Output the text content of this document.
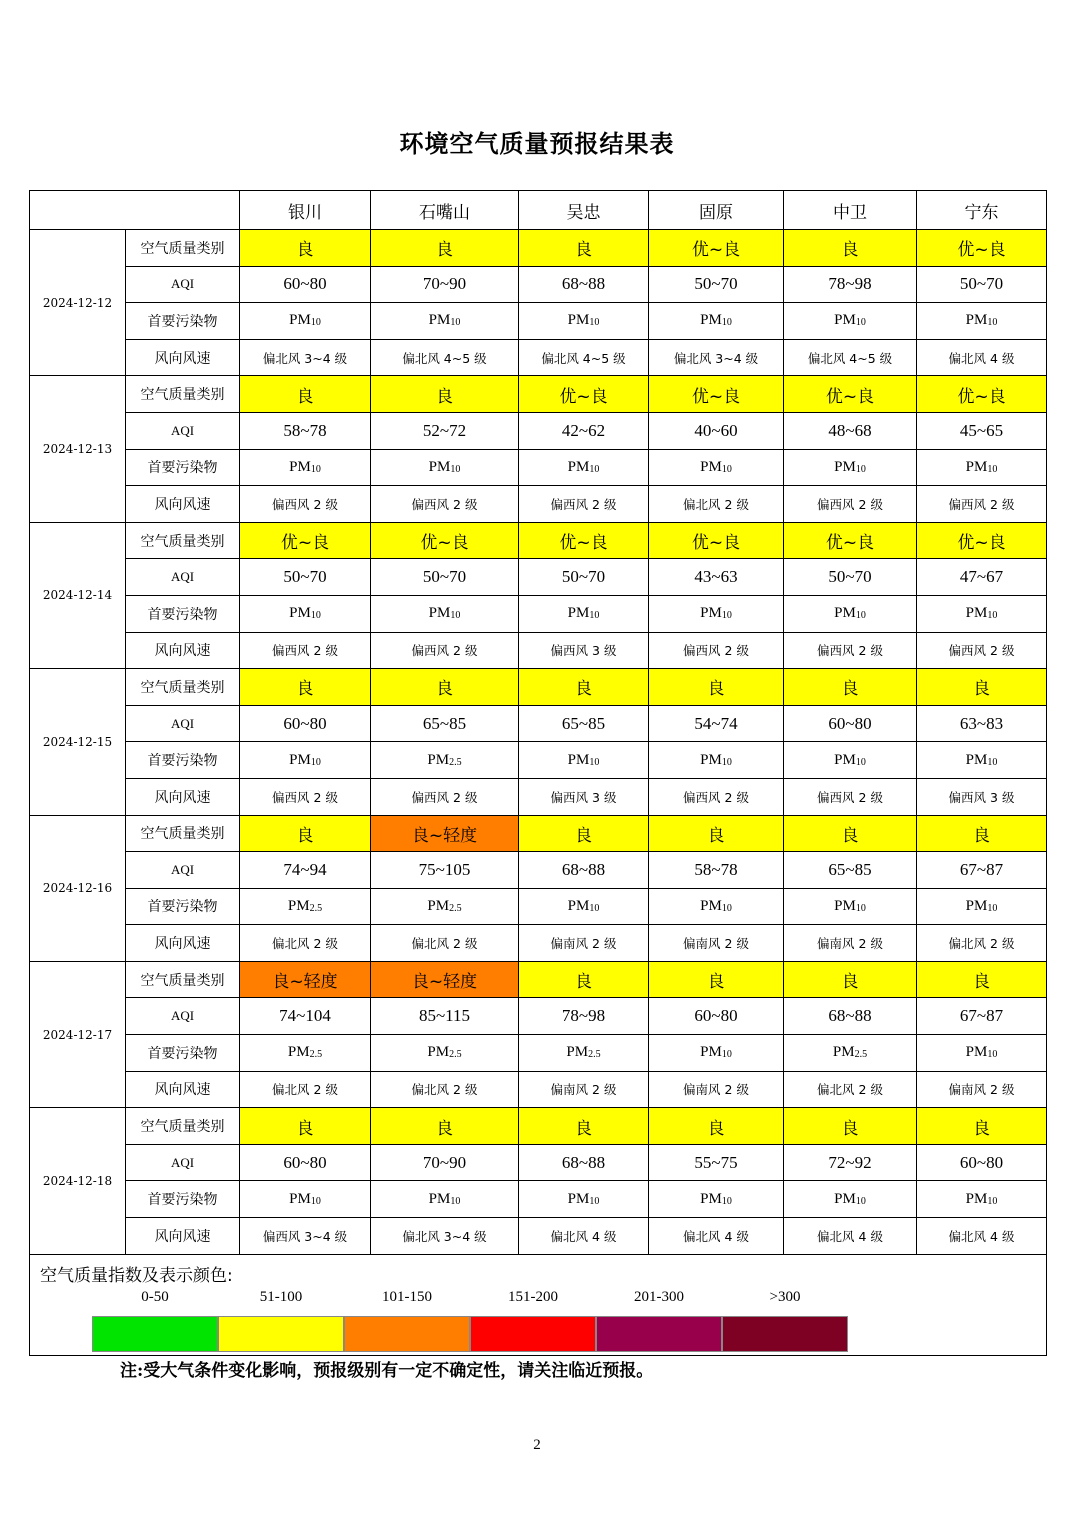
环境空气质量预报结果表
		银川	石嘴山	吴忠	固原	中卫	宁东
2024-12-12	空气质量类别	良	良	良	优~良	良	优~良
	AQI	60~80	70~90	68~88	50~70	78~98	50~70
	首要污染物	$PM_{10}$	$PM_{10}$	$PM_{10}$	$PM_{10}$	$PM_{10}$	$PM_{10}$
	风向风速	偏北风 3~4 级	偏北风 4~5 级	偏北风 4~5 级	偏北风 3~4 级	偏北风 4~5 级	偏北风 4 级
2024-12-13	空气质量类别	良	良	优~良	优~良	优~良	优~良
	AQI	58~78	52~72	42~62	40~60	48~68	45~65
	首要污染物	$PM_{10}$	$PM_{10}$	$PM_{10}$	$PM_{10}$	$PM_{10}$	$PM_{10}$
	风向风速	偏西风 2 级	偏西风 2 级	偏西风 2 级	偏北风 2 级	偏西风 2 级	偏西风 2 级
2024-12-14	空气质量类别	优~良	优~良	优~良	优~良	优~良	优~良
	AQI	50~70	50~70	50~70	43~63	50~70	47~67
	首要污染物	$PM_{10}$	$PM_{10}$	$PM_{10}$	$PM_{10}$	$PM_{10}$	$PM_{10}$
	风向风速	偏西风 2 级	偏西风 2 级	偏西风 3 级	偏西风 2 级	偏西风 2 级	偏西风 2 级
2024-12-15	空气质量类别	良	良	良	良	良	良
	AQI	60~80	65~85	65~85	54~74	60~80	63~83
	首要污染物	$PM_{10}$	$PM_{2.5}$	$PM_{10}$	$PM_{10}$	$PM_{10}$	$PM_{10}$
	风向风速	偏西风 2 级	偏西风 2 级	偏西风 3 级	偏西风 2 级	偏西风 2 级	偏西风 3 级
2024-12-16	空气质量类别	良	良~轻度	良	良	良	良
	AQI	74~94	75~105	68~88	58~78	65~85	67~87
	首要污染物	$PM_{2.5}$	$PM_{2.5}$	$PM_{10}$	$PM_{10}$	$PM_{10}$	$PM_{10}$
	风向风速	偏北风 2 级	偏北风 2 级	偏南风 2 级	偏南风 2 级	偏南风 2 级	偏北风 2 级
2024-12-17	空气质量类别	良~轻度	良~轻度	良	良	良	良
	AQI	74~104	85~115	78~98	60~80	68~88	67~87
	首要污染物	$PM_{2.5}$	$PM_{2.5}$	$PM_{2.5}$	$PM_{10}$	$PM_{2.5}$	$PM_{10}$
	风向风速	偏北风 2 级	偏北风 2 级	偏南风 2 级	偏南风 2 级	偏北风 2 级	偏南风 2 级
2024-12-18	空气质量类别	良	良	良	良	良	良
	AQI	60~80	70~90	68~88	55~75	72~92	60~80
	首要污染物	$PM_{10}$	$PM_{10}$	$PM_{10}$	$PM_{10}$	$PM_{10}$	$PM_{10}$
	风向风速	偏西风 3~4 级	偏北风 3~4 级	偏北风 4 级	偏北风 4 级	偏北风 4 级	偏北风 4 级
空气质量指数及表示颜色:
0-50	51-100	101-150	151-200	201-300	>300
注:受大气条件变化影响，预报级别有一定不确定性，请关注临近预报。
2
